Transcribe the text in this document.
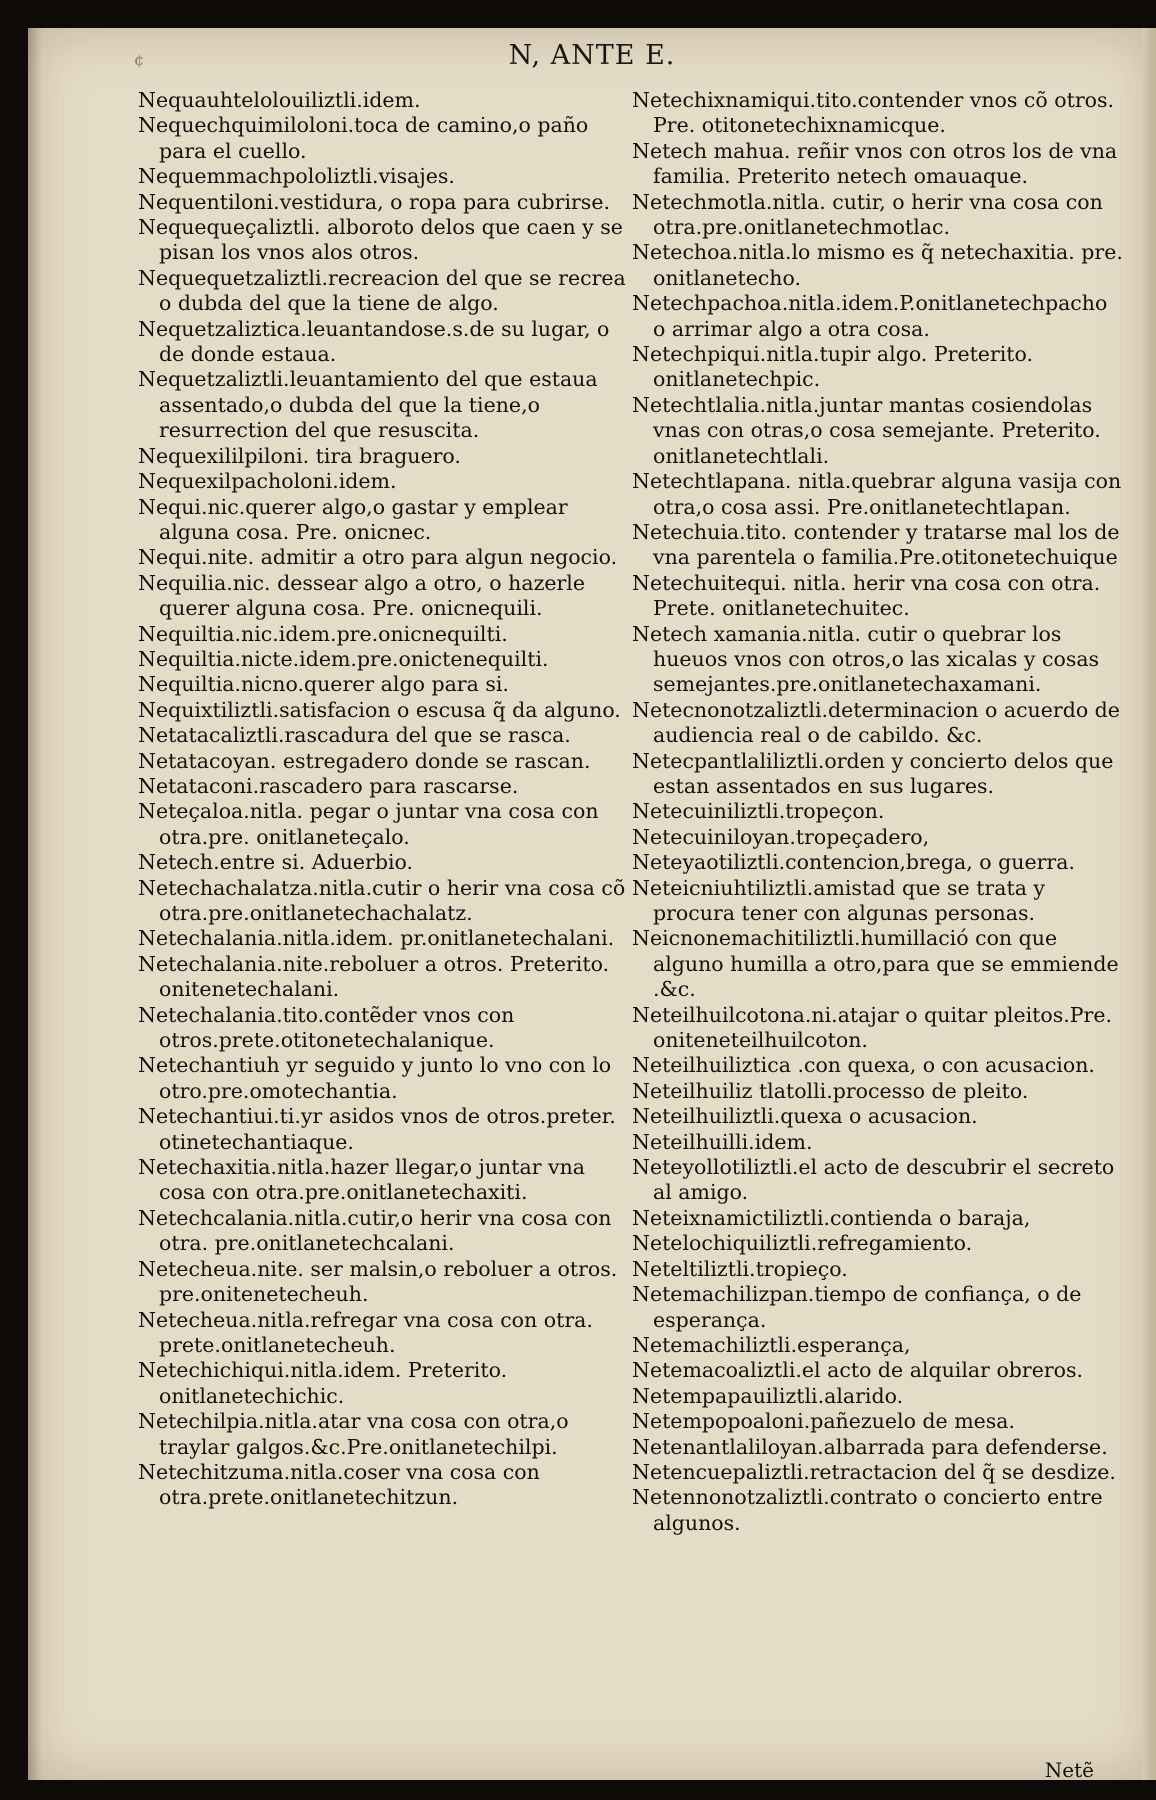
¢	N, ANTE E.

Nequauhtelolouiliztli.idem.

Nequechquimiloloni.toca de camino,o paño para el cuello.

Nequemmachpololiztli.visajes.

Nequentiloni.vestidura, o ropa para cubrirse.

Nequequeçaliztli. alboroto delos que caen y se pisan los vnos alos otros.

Nequequetzaliztli.recreacion del que se recrea o dubda del que la tiene de algo.

Nequetzaliztica.leuantandose.s.de su lugar, o de donde estaua.

Nequetzaliztli.leuantamiento del que estaua assentado,o dubda del que la tiene,o resurrection del que resuscita.

Nequexililpiloni. tira braguero.

Nequexilpacholoni.idem.

Nequi.nic.querer algo,o gastar y emplear alguna cosa. Pre. onicnec.

Nequi.nite. admitir a otro para algun negocio.

Nequilia.nic. dessear algo a otro, o hazerle querer alguna cosa. Pre. onicnequili.

Nequiltia.nic.idem.pre.onicnequilti.

Nequiltia.nicte.idem.pre.onictenequilti.

Nequiltia.nicno.querer algo para si.

Nequixtiliztli.satisfacion o escusa q̃ da alguno.

Netatacaliztli.rascadura del que se rasca.

Netatacoyan. estregadero donde se rascan.

Netataconi.rascadero para rascarse.

Neteçaloa.nitla. pegar o juntar vna cosa con otra.pre. onitlaneteçalo.

Netech.entre si. Aduerbio.

Netechachalatza.nitla.cutir o herir vna cosa cõ otra.pre.onitlanetechachalatz.

Netechalania.nitla.idem. pr.onitlanetechalani.

Netechalania.nite.reboluer a otros. Preterito. onitenetechalani.

Netechalania.tito.contẽder vnos con otros.prete.otitonetechalanique.

Netechantiuh yr seguido y junto lo vno con lo otro.pre.omotechantia.

Netechantiui.ti.yr asidos vnos de otros.preter. otinetechantiaque.

Netechaxitia.nitla.hazer llegar,o juntar vna cosa con otra.pre.onitlanetechaxiti.

Netechcalania.nitla.cutir,o herir vna cosa con otra. pre.onitlanetechcalani.

Netecheua.nite. ser malsin,o reboluer a otros. pre.onitenetecheuh.

Netecheua.nitla.refregar vna cosa con otra. prete.onitlanetecheuh.

Netechichiqui.nitla.idem. Preterito. onitlanetechichic.

Netechilpia.nitla.atar vna cosa con otra,o traylar galgos.&c.Pre.onitlanetechilpi.

Netechitzuma.nitla.coser vna cosa con otra.prete.onitlanetechitzun.

Netechixnamiqui.tito.contender vnos cõ otros. Pre. otitonetechixnamicque.

Netech mahua. reñir vnos con otros los de vna familia. Preterito netech omauaque.

Netechmotla.nitla. cutir, o herir vna cosa con otra.pre.onitlanetechmotlac.

Netechoa.nitla.lo mismo es q̃ netechaxitia. pre. onitlanetecho.

Netechpachoa.nitla.idem.P.onitlanetechpacho o arrimar algo a otra cosa.

Netechpiqui.nitla.tupir algo. Preterito. onitlanetechpic.

Netechtlalia.nitla.juntar mantas cosiendolas vnas con otras,o cosa semejante. Preterito. onitlanetechtlali.

Netechtlapana. nitla.quebrar alguna vasija con otra,o cosa assi. Pre.onitlanetechtlapan.

Netechuia.tito. contender y tratarse mal los de vna parentela o familia.Pre.otitonetechuique

Netechuitequi. nitla. herir vna cosa con otra. Prete. onitlanetechuitec.

Netech xamania.nitla. cutir o quebrar los hueuos vnos con otros,o las xicalas y cosas semejantes.pre.onitlanetechaxamani.

Netecnonotzaliztli.determinacion o acuerdo de audiencia real o de cabildo. &c.

Netecpantlaliliztli.orden y concierto delos que estan assentados en sus lugares.

Netecuiniliztli.tropeçon.

Netecuiniloyan.tropeçadero,

Neteyaotiliztli.contencion,brega, o guerra.

Neteicniuhtiliztli.amistad que se trata y procura tener con algunas personas.

Neicnonemachitiliztli.humillació con que alguno humilla a otro,para que se emmiende .&c.

Neteilhuilcotona.ni.atajar o quitar pleitos.Pre. oniteneteilhuilcoton.

Neteilhuiliztica .con quexa, o con acusacion.

Neteilhuiliz tlatolli.processo de pleito.

Neteilhuiliztli.quexa o acusacion.

Neteilhuilli.idem.

Neteyollotiliztli.el acto de descubrir el secreto al amigo.

Neteixnamictiliztli.contienda o baraja,

Netelochiquiliztli.refregamiento.

Neteltiliztli.tropieço.

Netemachilizpan.tiempo de confiança, o de esperança.

Netemachiliztli.esperança,

Netemacoaliztli.el acto de alquilar obreros.

Netempapauiliztli.alarido.

Netempopoaloni.pañezuelo de mesa.

Netenantlaliloyan.albarrada para defenderse.

Netencuepaliztli.retractacion del q̃ se desdize.

Netennonotzaliztli.contrato o concierto entre algunos.

Netẽ
